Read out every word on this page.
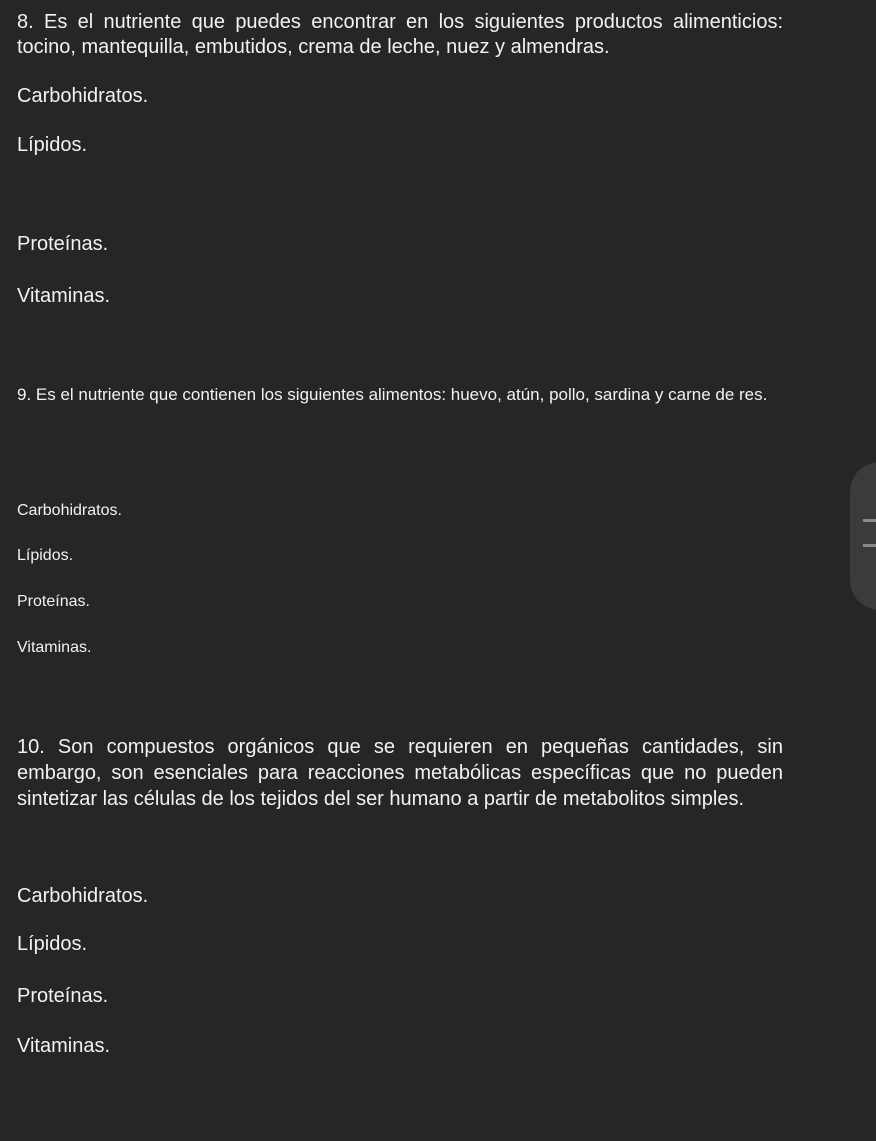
8. Es el nutriente que puedes encontrar en los siguientes productos alimenticios: tocino, mantequilla, embutidos, crema de leche, nuez y almendras.

Carbohidratos.

Lípidos.

Proteínas.

Vitaminas.

9. Es el nutriente que contienen los siguientes alimentos: huevo, atún, pollo, sardina y carne de res.

Carbohidratos.

Lípidos.

Proteínas.

Vitaminas.

10. Son compuestos orgánicos que se requieren en pequeñas cantidades, sin embargo, son esenciales para reacciones metabólicas específicas que no pueden sintetizar las células de los tejidos del ser humano a partir de metabolitos simples.

Carbohidratos.

Lípidos.

Proteínas.

Vitaminas.
